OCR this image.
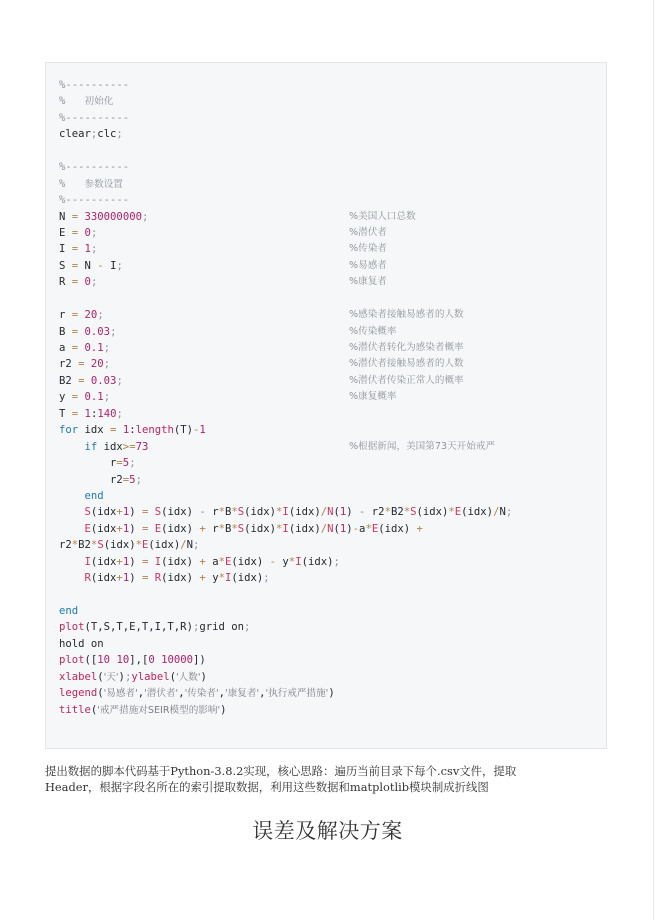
%----------
%   初始化
%----------
clear;clc;

%----------
%   参数设置
%----------
N = 330000000;	%美国人口总数
E = 0;	%潜伏者
I = 1;	%传染者
S = N - I;	%易感者
R = 0;	%康复者

r = 20;	%感染者接触易感者的人数
B = 0.03;	%传染概率
a = 0.1;	%潜伏者转化为感染者概率
r2 = 20;	%潜伏者接触易感者的人数
B2 = 0.03;	%潜伏者传染正常人的概率
y = 0.1;	%康复概率
T = 1:140;
for idx = 1:length(T)-1
if idx>=73	%根据新闻，美国第73天开始戒严
r=5;
r2=5;
end
S(idx+1) = S(idx) - r*B*S(idx)*I(idx)/N(1) - r2*B2*S(idx)*E(idx)/N;
E(idx+1) = E(idx) + r*B*S(idx)*I(idx)/N(1)-a*E(idx) +
r2*B2*S(idx)*E(idx)/N;
I(idx+1) = I(idx) + a*E(idx) - y*I(idx);
R(idx+1) = R(idx) + y*I(idx);

end
plot(T,S,T,E,T,I,T,R);grid on;
hold on
plot([10 10],[0 10000])
xlabel('天');ylabel('人数')
legend('易感者','潜伏者','传染者','康复者','执行戒严措施')
title('戒严措施对SEIR模型的影响')
提出数据的脚本代码基于Python-3.8.2实现，核心思路：遍历当前目录下每个.csv文件，提取
Header，根据字段名所在的索引提取数据，利用这些数据和matplotlib模块制成折线图
误差及解决方案
